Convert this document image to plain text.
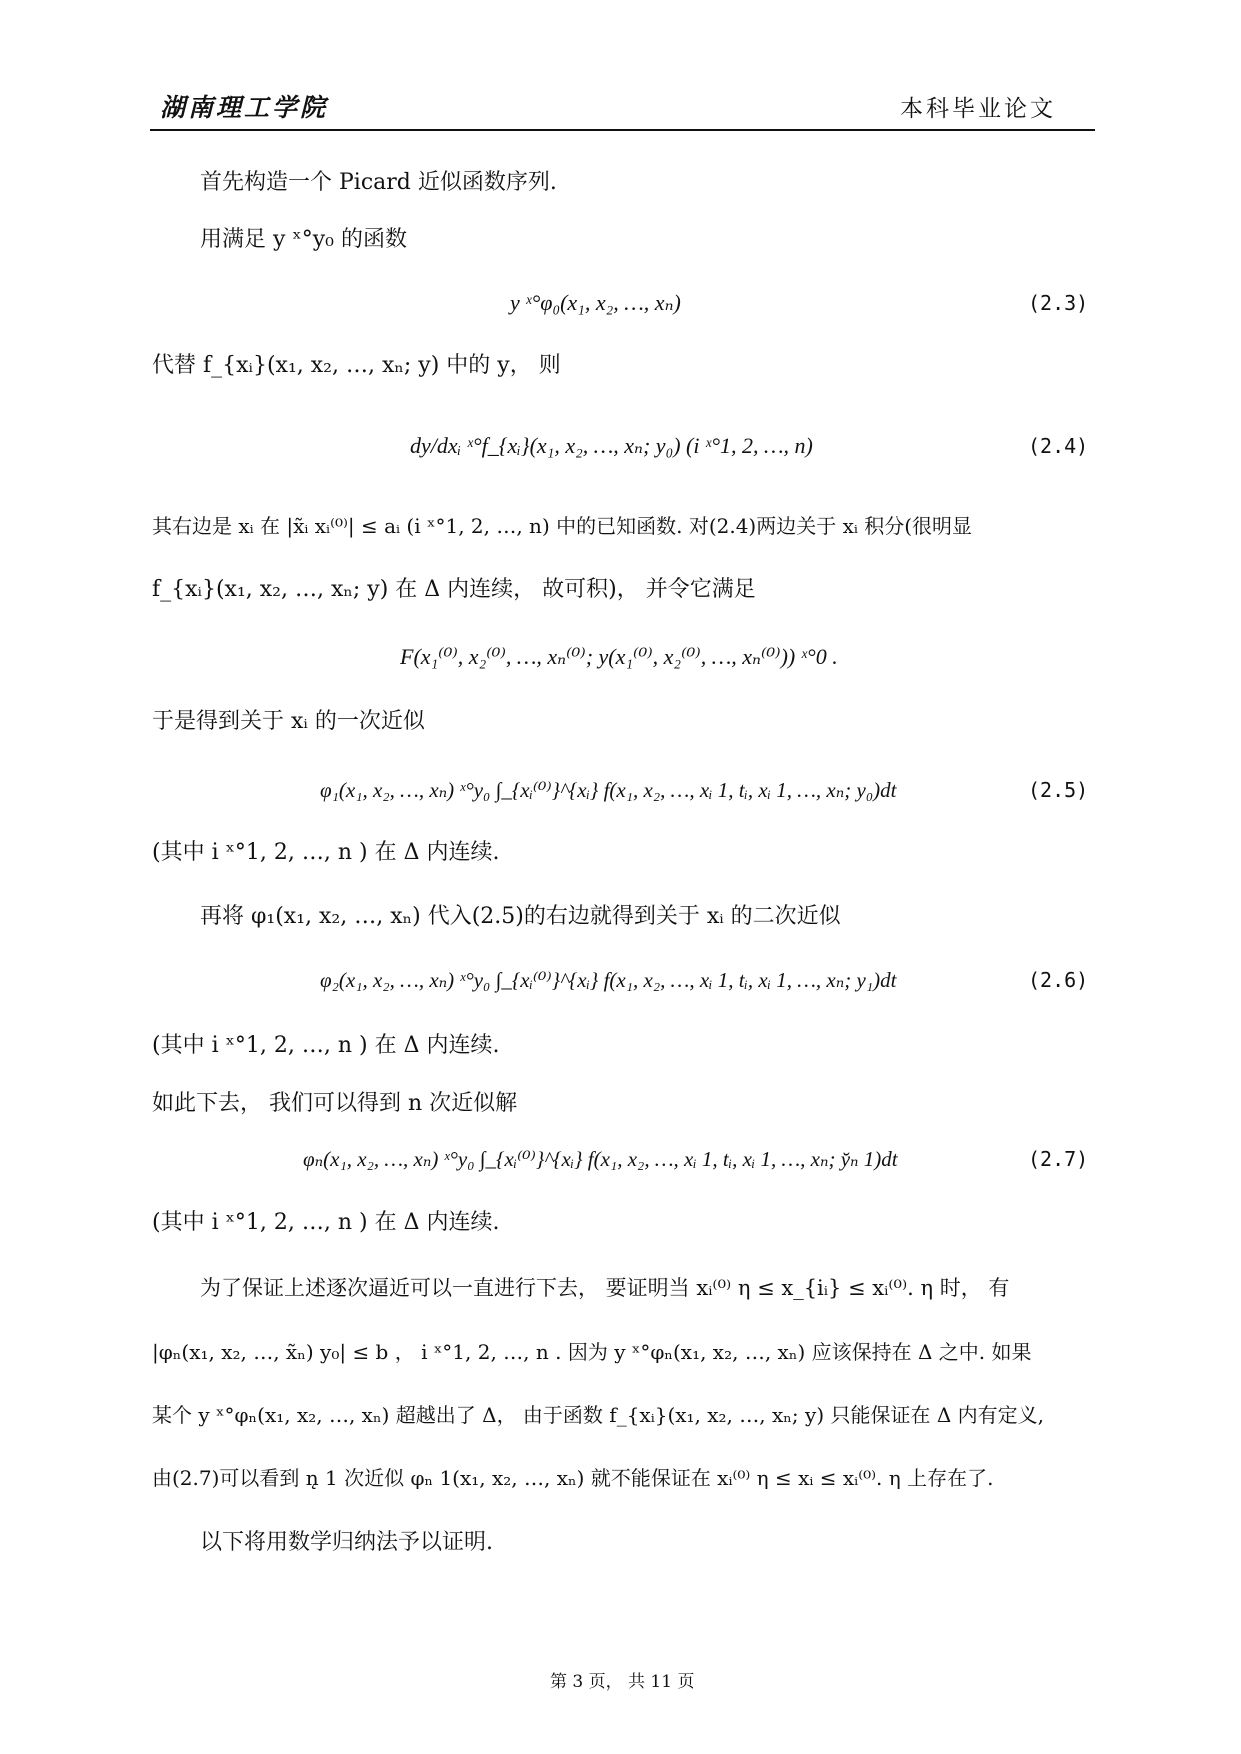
湖南理工学院	本科毕业论文
首先构造一个 Picard 近似函数序列.
用满足 y ˣ°y₀ 的函数
y ˣ°φ₀(x₁, x₂, …, xₙ)	(2.3)
代替 f_{xᵢ}(x₁, x₂, …, xₙ; y) 中的 y， 则
dy/dxᵢ ˣ°f_{xᵢ}(x₁, x₂, …, xₙ; y₀) (i ˣ°1, 2, …, n)	(2.4)
其右边是 xᵢ 在 |x̃ᵢ xᵢ⁽⁰⁾| ≤ aᵢ (i ˣ°1, 2, …, n) 中的已知函数. 对(2.4)两边关于 xᵢ 积分(很明显
f_{xᵢ}(x₁, x₂, …, xₙ; y) 在 Δ 内连续， 故可积)， 并令它满足
F(x₁⁽⁰⁾, x₂⁽⁰⁾, …, xₙ⁽⁰⁾; y(x₁⁽⁰⁾, x₂⁽⁰⁾, …, xₙ⁽⁰⁾)) ˣ°0 .
于是得到关于 xᵢ 的一次近似
φ₁(x₁, x₂, …, xₙ) ˣ°y₀ ∫_{xᵢ⁽⁰⁾}^{xᵢ} f(x₁, x₂, …, xᵢ 1, tᵢ, xᵢ 1, …, xₙ; y₀)dt	(2.5)
(其中 i ˣ°1, 2, …, n ) 在 Δ 内连续.
再将 φ₁(x₁, x₂, …, xₙ) 代入(2.5)的右边就得到关于 xᵢ 的二次近似
φ₂(x₁, x₂, …, xₙ) ˣ°y₀ ∫_{xᵢ⁽⁰⁾}^{xᵢ} f(x₁, x₂, …, xᵢ 1, tᵢ, xᵢ 1, …, xₙ; y₁)dt	(2.6)
(其中 i ˣ°1, 2, …, n ) 在 Δ 内连续.
如此下去， 我们可以得到 n 次近似解
φₙ(x₁, x₂, …, xₙ) ˣ°y₀ ∫_{xᵢ⁽⁰⁾}^{xᵢ} f(x₁, x₂, …, xᵢ 1, tᵢ, xᵢ 1, …, xₙ; y̆ₙ 1)dt	(2.7)
(其中 i ˣ°1, 2, …, n ) 在 Δ 内连续.
为了保证上述逐次逼近可以一直进行下去， 要证明当 xᵢ⁽⁰⁾ η ≤ x_{iᵢ} ≤ xᵢ⁽⁰⁾. η 时， 有
|φₙ(x₁, x₂, …, x̃ₙ) y₀| ≤ b ， i ˣ°1, 2, …, n . 因为 y ˣ°φₙ(x₁, x₂, …, xₙ) 应该保持在 Δ 之中. 如果
某个 y ˣ°φₙ(x₁, x₂, …, xₙ) 超越出了 Δ， 由于函数 f_{xᵢ}(x₁, x₂, …, xₙ; y) 只能保证在 Δ 内有定义,
由(2.7)可以看到 n̨ 1 次近似 φₙ 1(x₁, x₂, …, xₙ) 就不能保证在 xᵢ⁽⁰⁾ η ≤ xᵢ ≤ xᵢ⁽⁰⁾. η 上存在了.
以下将用数学归纳法予以证明.
第 3 页， 共 11 页
